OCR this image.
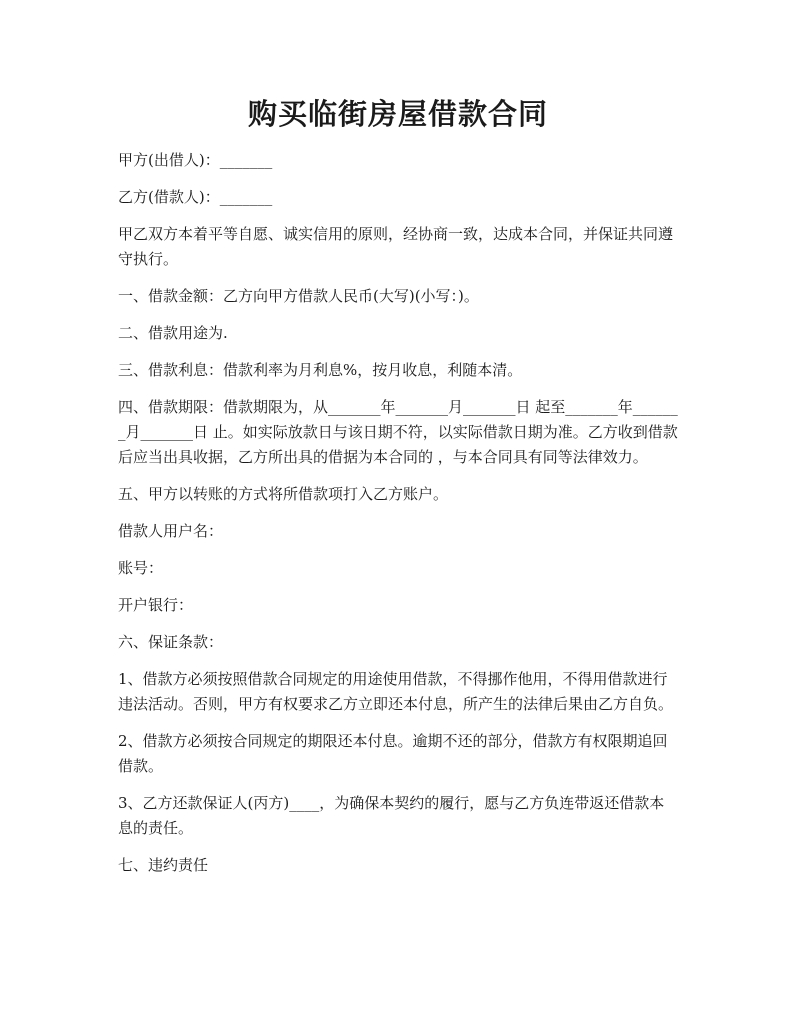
购买临街房屋借款合同

甲方(出借人)：_______

乙方(借款人)：_______

甲乙双方本着平等自愿、诚实信用的原则，经协商一致，达成本合同，并保证共同遵守执行。

一、借款金额：乙方向甲方借款人民币(大写)(小写：)。

二、借款用途为.

三、借款利息：借款利率为月利息%，按月收息，利随本清。

四、借款期限：借款期限为，从_______年_______月_______日 起至_______年_______月_______日 止。如实际放款日与该日期不符，以实际借款日期为准。乙方收到借款后应当出具收据，乙方所出具的借据为本合同的 ，与本合同具有同等法律效力。

五、甲方以转账的方式将所借款项打入乙方账户。

借款人用户名：

账号：

开户银行：

六、保证条款：

1、借款方必须按照借款合同规定的用途使用借款，不得挪作他用，不得用借款进行违法活动。否则，甲方有权要求乙方立即还本付息，所产生的法律后果由乙方自负。

2、借款方必须按合同规定的期限还本付息。逾期不还的部分，借款方有权限期追回借款。

3、乙方还款保证人(丙方)____，为确保本契约的履行，愿与乙方负连带返还借款本息的责任。

七、违约责任
